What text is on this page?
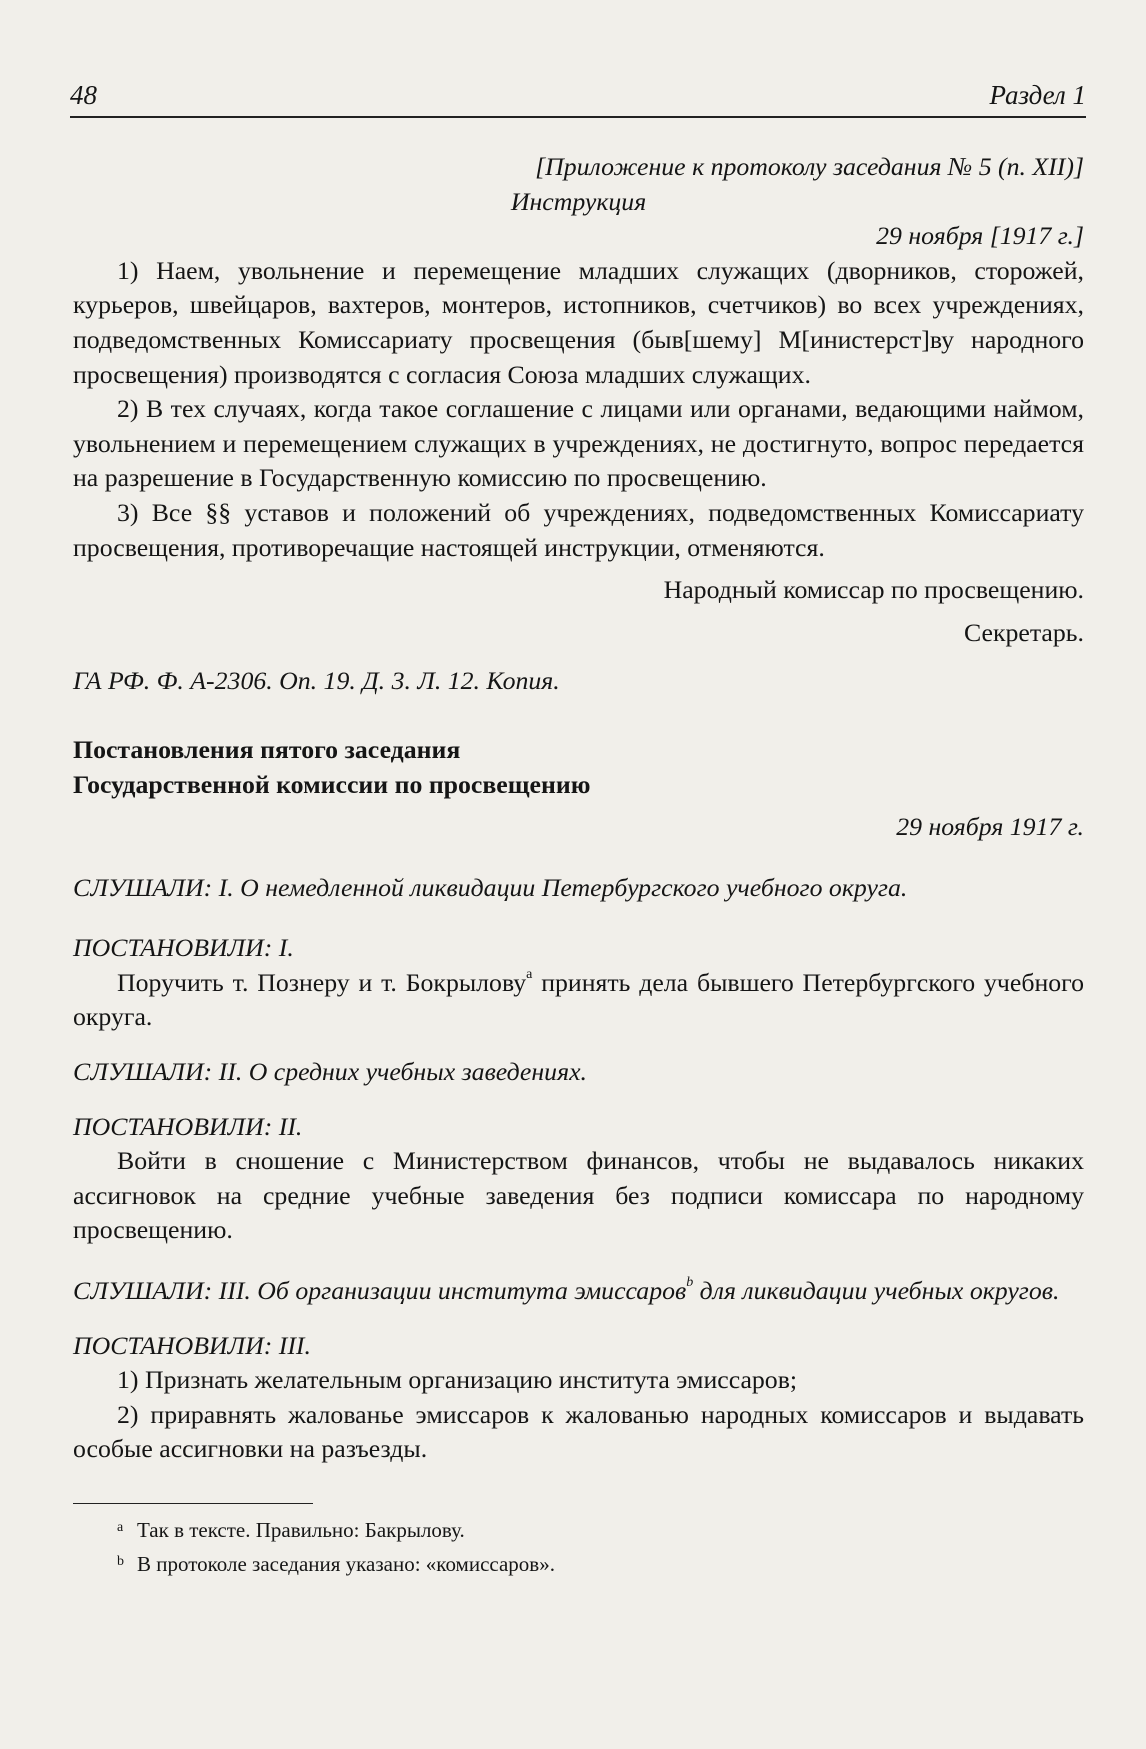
48	Раздел 1

[Приложение к протоколу заседания № 5 (п. XII)]

Инструкция

29 ноября [1917 г.]

1) Наем, увольнение и перемещение младших служащих (дворников, сторожей, курьеров, швейцаров, вахтеров, монтеров, истопников, счетчиков) во всех учреждениях, подведомственных Комиссариату просвещения (быв[шему] М[инистерст]ву народного просвещения) производятся с согласия Союза младших служащих.

2) В тех случаях, когда такое соглашение с лицами или органами, ведающими наймом, увольнением и перемещением служащих в учреждениях, не достигнуто, вопрос передается на разрешение в Государственную комиссию по просвещению.

3) Все §§ уставов и положений об учреждениях, подведомственных Комиссариату просвещения, противоречащие настоящей инструкции, отменяются.

Народный комиссар по просвещению.

Секретарь.

ГА РФ. Ф. А-2306. Оп. 19. Д. 3. Л. 12. Копия.

Постановления пятого заседания

Государственной комиссии по просвещению

29 ноября 1917 г.

СЛУШАЛИ: I. О немедленной ликвидации Петербургского учебного округа.

ПОСТАНОВИЛИ: I.

Поручить т. Познеру и т. Бокрылову$^a$ принять дела бывшего Петербургского учебного округа.

СЛУШАЛИ: II. О средних учебных заведениях.

ПОСТАНОВИЛИ: II.

Войти в сношение с Министерством финансов, чтобы не выдавалось никаких ассигновок на средние учебные заведения без подписи комиссара по народному просвещению.

СЛУШАЛИ: III. Об организации института эмиссаров$^b$ для ликвидации учебных округов.

ПОСТАНОВИЛИ: III.

1) Признать желательным организацию института эмиссаров;

2) приравнять жалованье эмиссаров к жалованью народных комиссаров и выдавать особые ассигновки на разъезды.

a Так в тексте. Правильно: Бакрылову.

b В протоколе заседания указано: «комиссаров».
